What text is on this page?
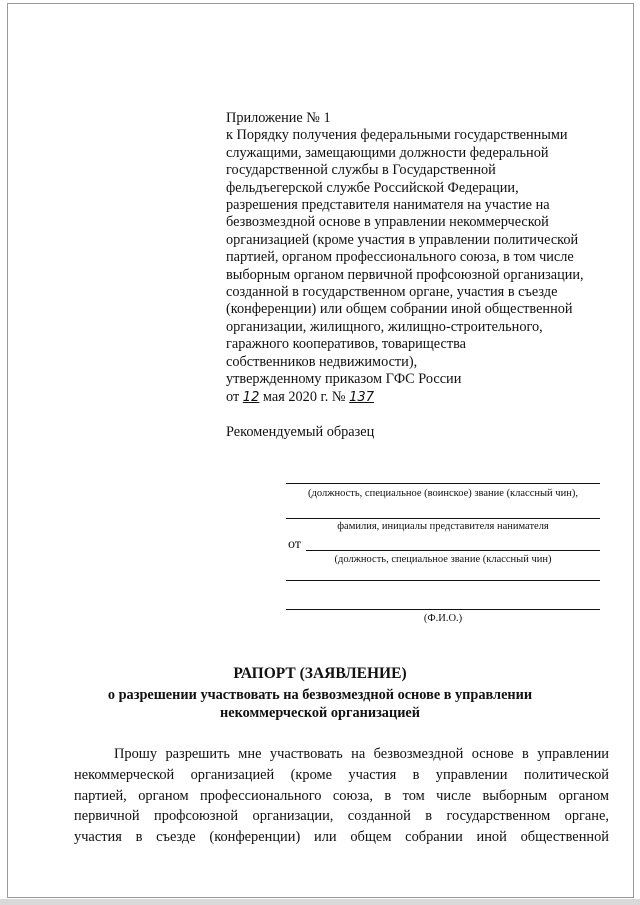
Приложение № 1
к Порядку получения федеральными государственными
служащими, замещающими должности федеральной
государственной службы в Государственной
фельдъегерской службе Российской Федерации,
разрешения представителя нанимателя на участие на
безвозмездной основе в управлении некоммерческой
организацией (кроме участия в управлении политической
партией, органом профессионального союза, в том числе
выборным органом первичной профсоюзной организации,
созданной в государственном органе, участия в съезде
(конференции) или общем собрании иной общественной
организации, жилищного, жилищно-строительного,
гаражного кооперативов, товарищества
собственников недвижимости),
утвержденному приказом ГФС России
от 12 мая 2020 г. № 137
Рекомендуемый образец
(должность, специальное (воинское) звание (классный чин),
фамилия, инициалы представителя нанимателя
от
(должность, специальное звание (классный чин)
(Ф.И.О.)
РАПОРТ (ЗАЯВЛЕНИЕ)
о разрешении участвовать на безвозмездной основе в управлении
некоммерческой организацией
Прошу разрешить мне участвовать на безвозмездной основе в управлении
некоммерческой организацией (кроме участия в управлении политической
партией, органом профессионального союза, в том числе выборным органом
первичной профсоюзной организации, созданной в государственном органе,
участия в съезде (конференции) или общем собрании иной общественной
